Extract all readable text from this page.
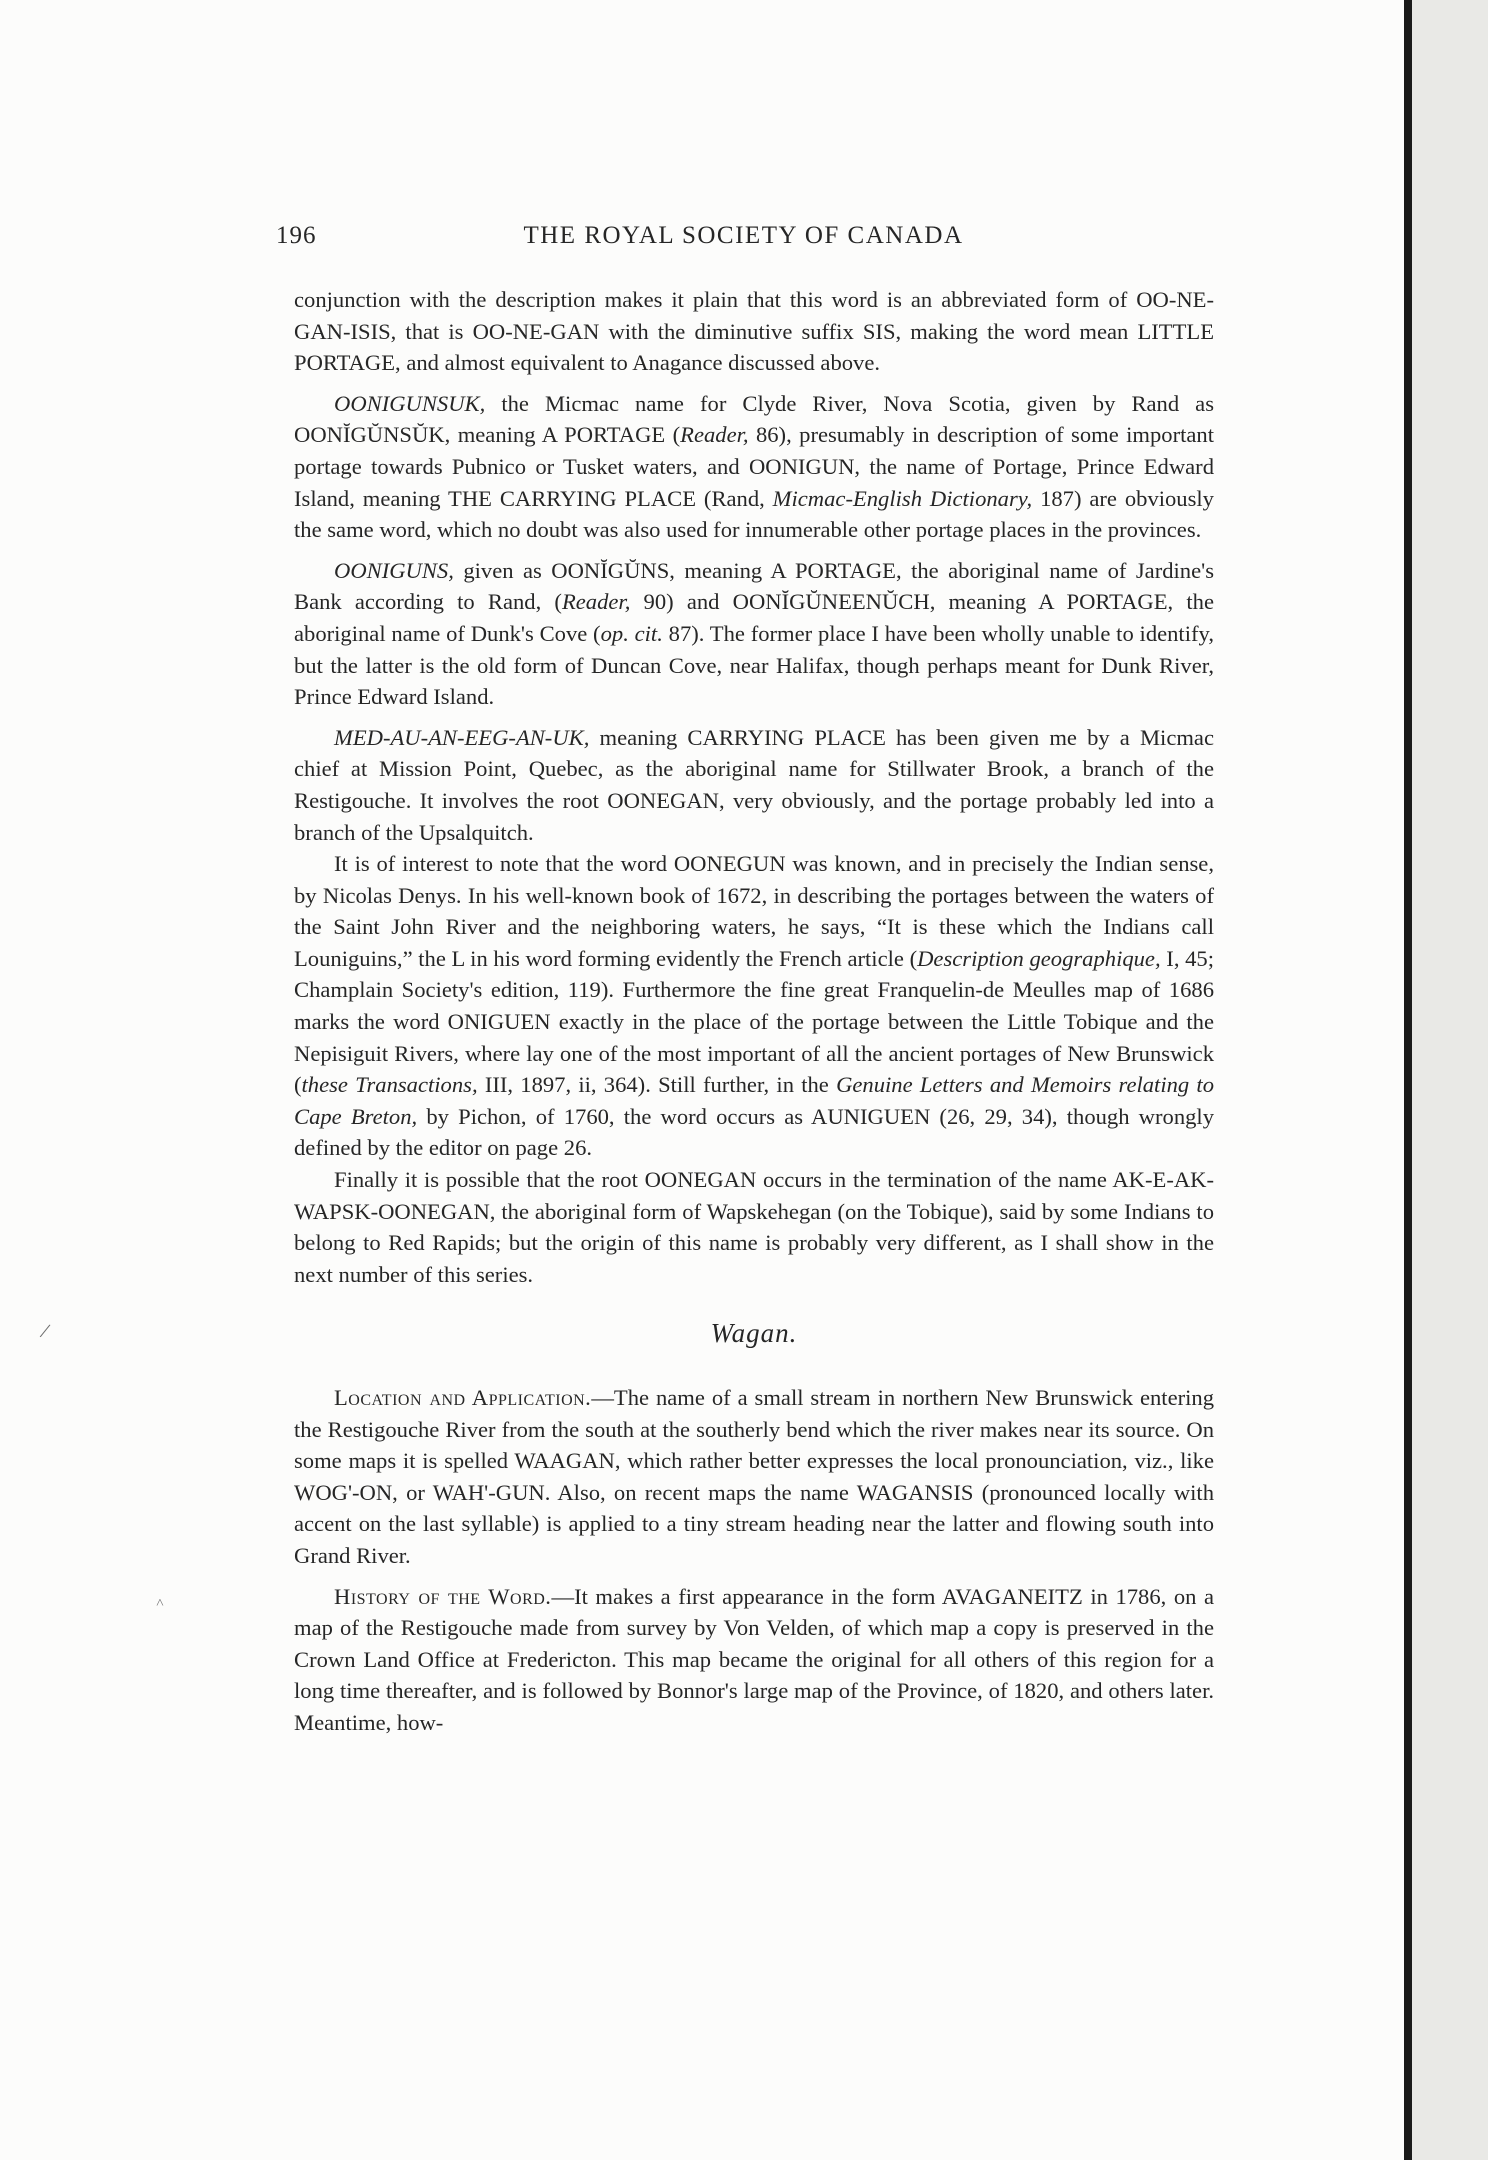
196	THE ROYAL SOCIETY OF CANADA

conjunction with the description makes it plain that this word is an abbreviated form of OO-NE-GAN-ISIS, that is OO-NE-GAN with the diminutive suffix SIS, making the word mean LITTLE PORTAGE, and almost equivalent to Anagance discussed above.

OONIGUNSUK, the Micmac name for Clyde River, Nova Scotia, given by Rand as OONĬGŬNSŬK, meaning A PORTAGE (Reader, 86), presumably in description of some important portage towards Pubnico or Tusket waters, and OONIGUN, the name of Portage, Prince Edward Island, meaning THE CARRYING PLACE (Rand, Micmac-English Dictionary, 187) are obviously the same word, which no doubt was also used for innumerable other portage places in the provinces.

OONIGUNS, given as OONĬGŬNS, meaning A PORTAGE, the aboriginal name of Jardine's Bank according to Rand, (Reader, 90) and OONĬGŬNEENŬCH, meaning A PORTAGE, the aboriginal name of Dunk's Cove (op. cit. 87). The former place I have been wholly unable to identify, but the latter is the old form of Duncan Cove, near Halifax, though perhaps meant for Dunk River, Prince Edward Island.

MED-AU-AN-EEG-AN-UK, meaning CARRYING PLACE has been given me by a Micmac chief at Mission Point, Quebec, as the aboriginal name for Stillwater Brook, a branch of the Restigouche. It involves the root OONEGAN, very obviously, and the portage probably led into a branch of the Upsalquitch.

It is of interest to note that the word OONEGUN was known, and in precisely the Indian sense, by Nicolas Denys. In his well-known book of 1672, in describing the portages between the waters of the Saint John River and the neighboring waters, he says, “It is these which the Indians call Louniguins,” the L in his word forming evidently the French article (Description geographique, I, 45; Champlain Society's edition, 119). Furthermore the fine great Franquelin-de Meulles map of 1686 marks the word ONIGUEN exactly in the place of the portage between the Little Tobique and the Nepisiguit Rivers, where lay one of the most important of all the ancient portages of New Brunswick (these Transactions, III, 1897, ii, 364). Still further, in the Genuine Letters and Memoirs relating to Cape Breton, by Pichon, of 1760, the word occurs as AUNIGUEN (26, 29, 34), though wrongly defined by the editor on page 26.

Finally it is possible that the root OONEGAN occurs in the termination of the name AK-E-AK-WAPSK-OONEGAN, the aboriginal form of Wapskehegan (on the Tobique), said by some Indians to belong to Red Rapids; but the origin of this name is probably very different, as I shall show in the next number of this series.

Wagan.

Location and Application.—The name of a small stream in northern New Brunswick entering the Restigouche River from the south at the southerly bend which the river makes near its source. On some maps it is spelled WAAGAN, which rather better expresses the local pronounciation, viz., like WOG'-ON, or WAH'-GUN. Also, on recent maps the name WAGANSIS (pronounced locally with accent on the last syllable) is applied to a tiny stream heading near the latter and flowing south into Grand River.

History of the Word.—It makes a first appearance in the form AVAGANEITZ in 1786, on a map of the Restigouche made from survey by Von Velden, of which map a copy is preserved in the Crown Land Office at Fredericton. This map became the original for all others of this region for a long time thereafter, and is followed by Bonnor's large map of the Province, of 1820, and others later. Meantime, how-

/
˄
